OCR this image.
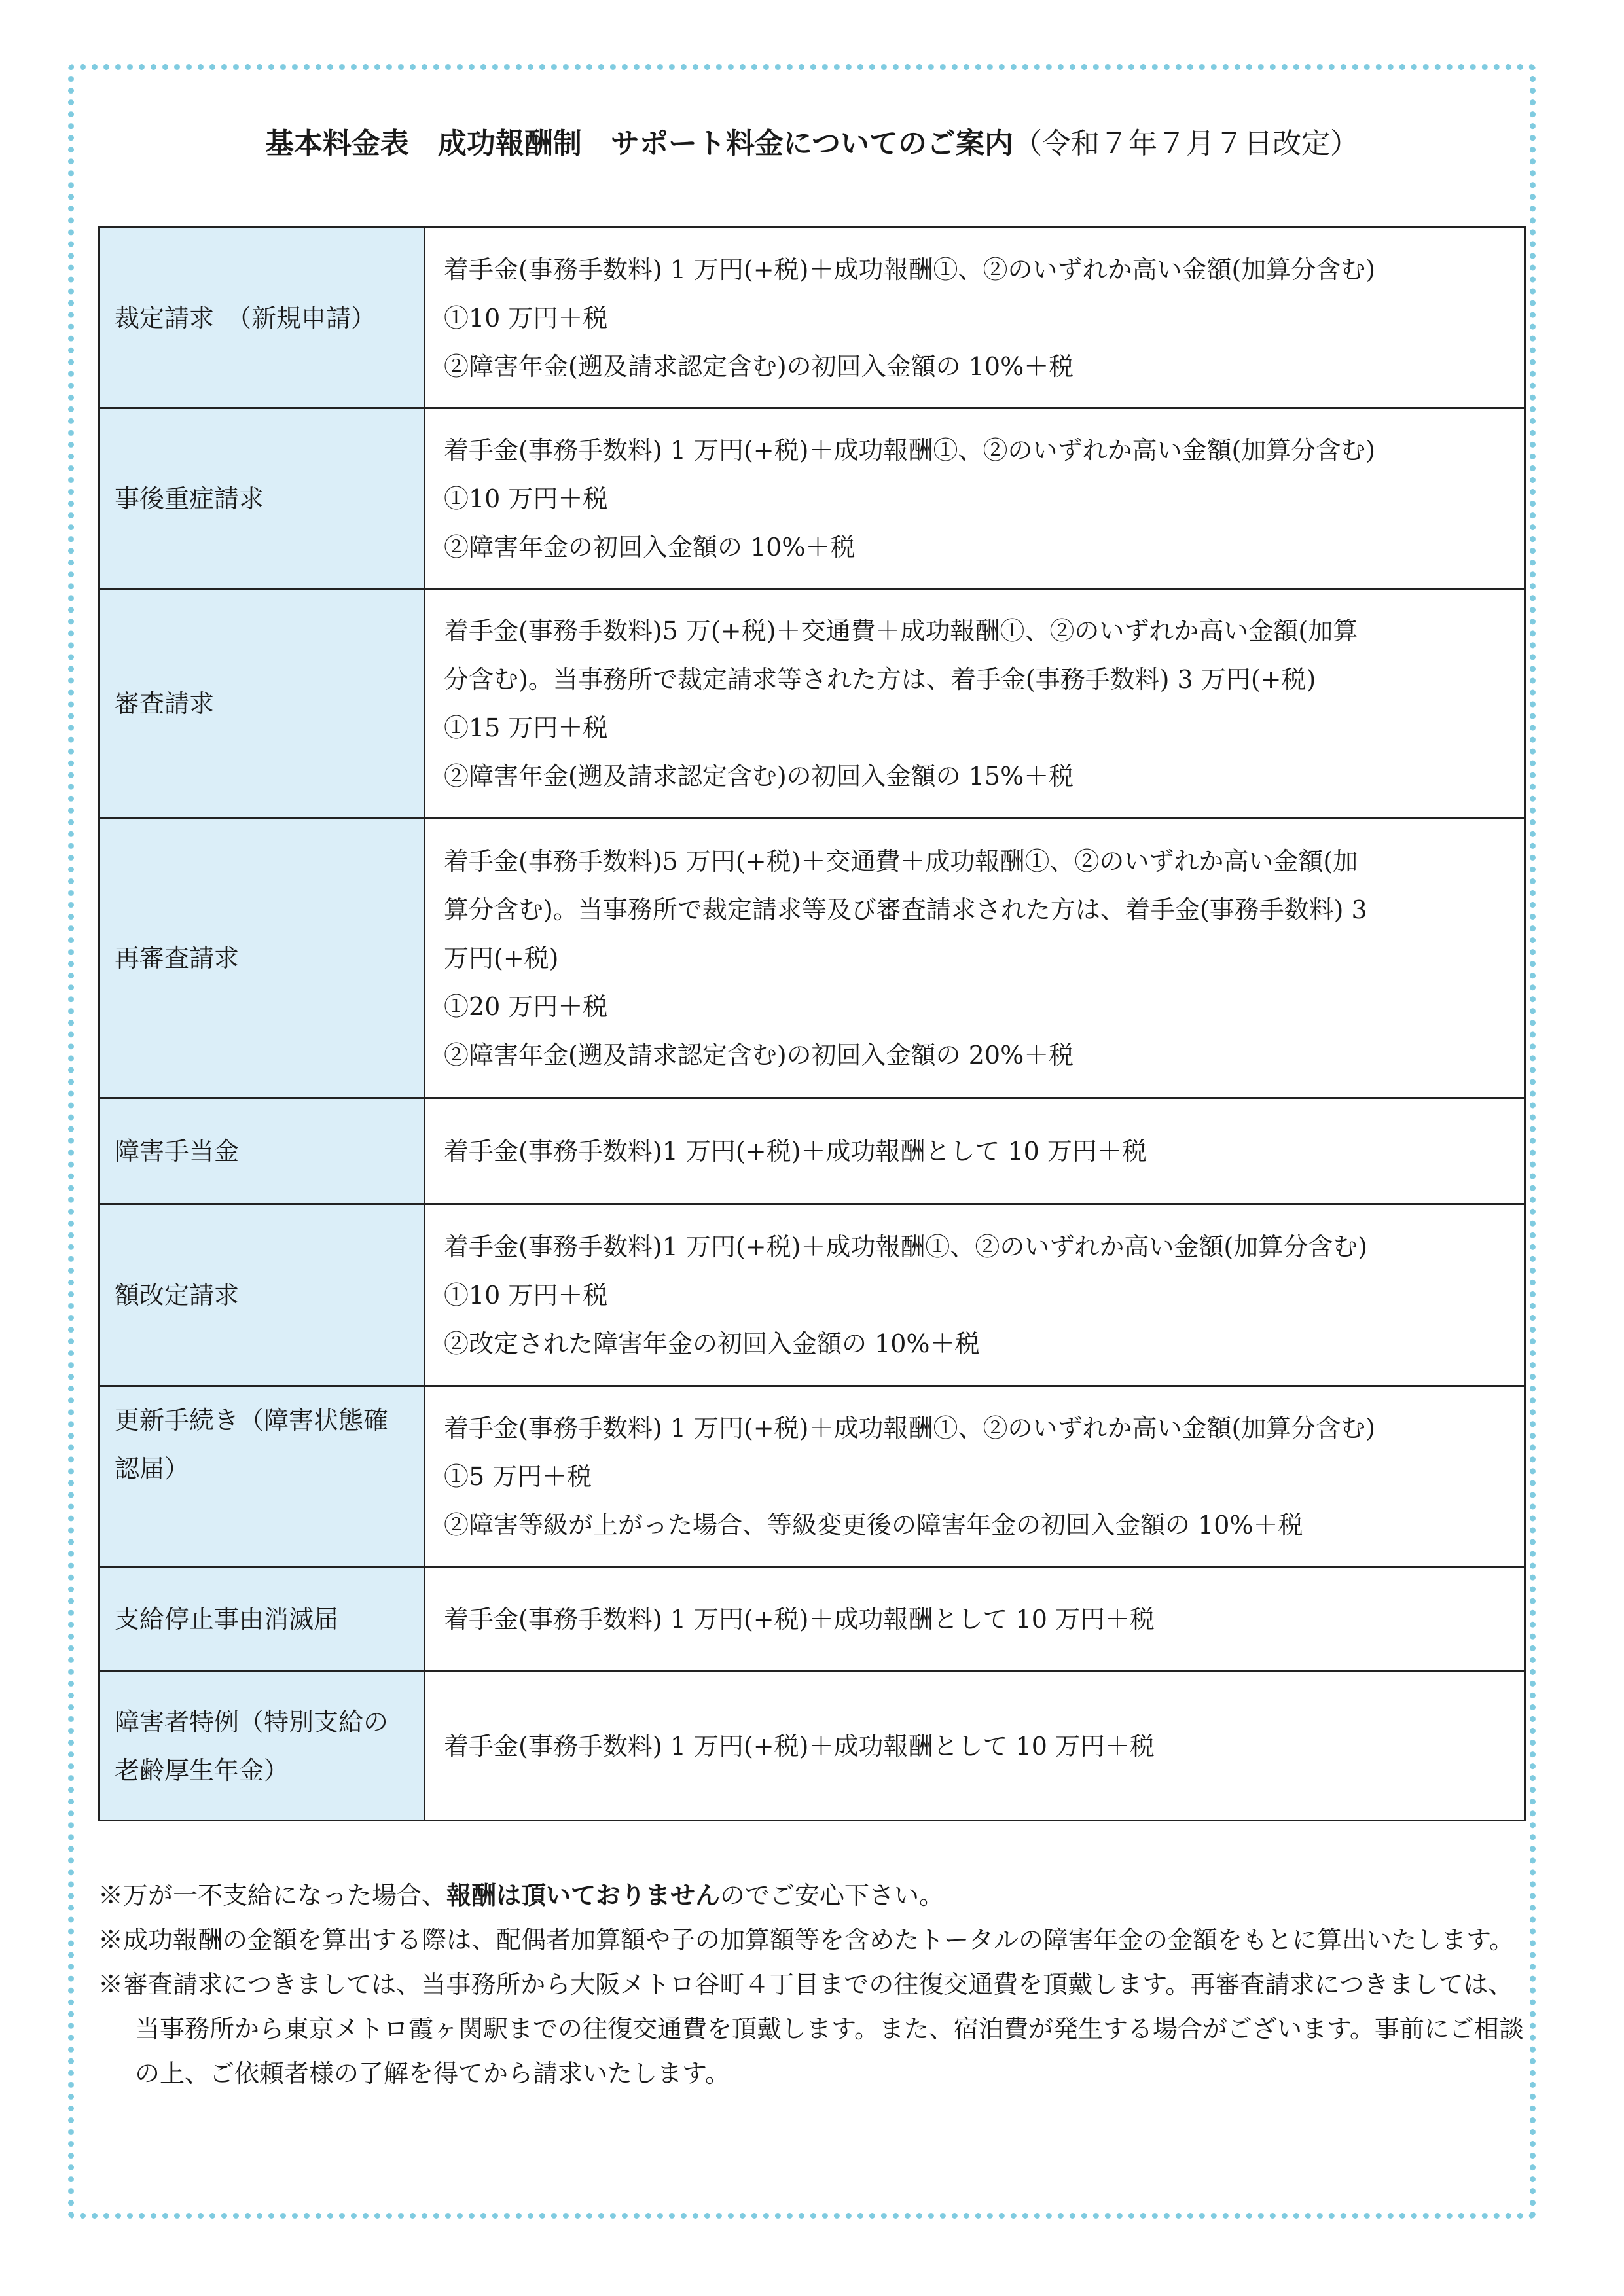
基本料金表　成功報酬制　サポート料金についてのご案内（令和７年７月７日改定）
裁定請求　（新規申請）	着手金(事務手数料) 1 万円(+税)＋成功報酬①、②のいずれか高い金額(加算分含む)
①10 万円＋税
②障害年金(遡及請求認定含む)の初回入金額の 10%＋税

事後重症請求	着手金(事務手数料) 1 万円(+税)＋成功報酬①、②のいずれか高い金額(加算分含む)
①10 万円＋税
②障害年金の初回入金額の 10%＋税

審査請求	着手金(事務手数料)5 万(+税)＋交通費＋成功報酬①、②のいずれか高い金額(加算
分含む)。当事務所で裁定請求等された方は、着手金(事務手数料) 3 万円(+税)
①15 万円＋税
②障害年金(遡及請求認定含む)の初回入金額の 15%＋税

再審査請求	着手金(事務手数料)5 万円(+税)＋交通費＋成功報酬①、②のいずれか高い金額(加
算分含む)。当事務所で裁定請求等及び審査請求された方は、着手金(事務手数料) 3
万円(+税)
①20 万円＋税
②障害年金(遡及請求認定含む)の初回入金額の 20%＋税

障害手当金	着手金(事務手数料)1 万円(+税)＋成功報酬として 10 万円＋税

額改定請求	着手金(事務手数料)1 万円(+税)＋成功報酬①、②のいずれか高い金額(加算分含む)
①10 万円＋税
②改定された障害年金の初回入金額の 10%＋税

更新手続き（障害状態確認届）	着手金(事務手数料) 1 万円(+税)＋成功報酬①、②のいずれか高い金額(加算分含む)
①5 万円＋税
②障害等級が上がった場合、等級変更後の障害年金の初回入金額の 10%＋税

支給停止事由消滅届	着手金(事務手数料) 1 万円(+税)＋成功報酬として 10 万円＋税

障害者特例（特別支給の老齢厚生年金）	着手金(事務手数料) 1 万円(+税)＋成功報酬として 10 万円＋税
※万が一不支給になった場合、報酬は頂いておりませんのでご安心下さい。
※成功報酬の金額を算出する際は、配偶者加算額や子の加算額等を含めたトータルの障害年金の金額をもとに算出いたします。
※審査請求につきましては、当事務所から大阪メトロ谷町４丁目までの往復交通費を頂戴します。再審査請求につきましては、当事務所から東京メトロ霞ヶ関駅までの往復交通費を頂戴します。また、宿泊費が発生する場合がございます。事前にご相談の上、ご依頼者様の了解を得てから請求いたします。
